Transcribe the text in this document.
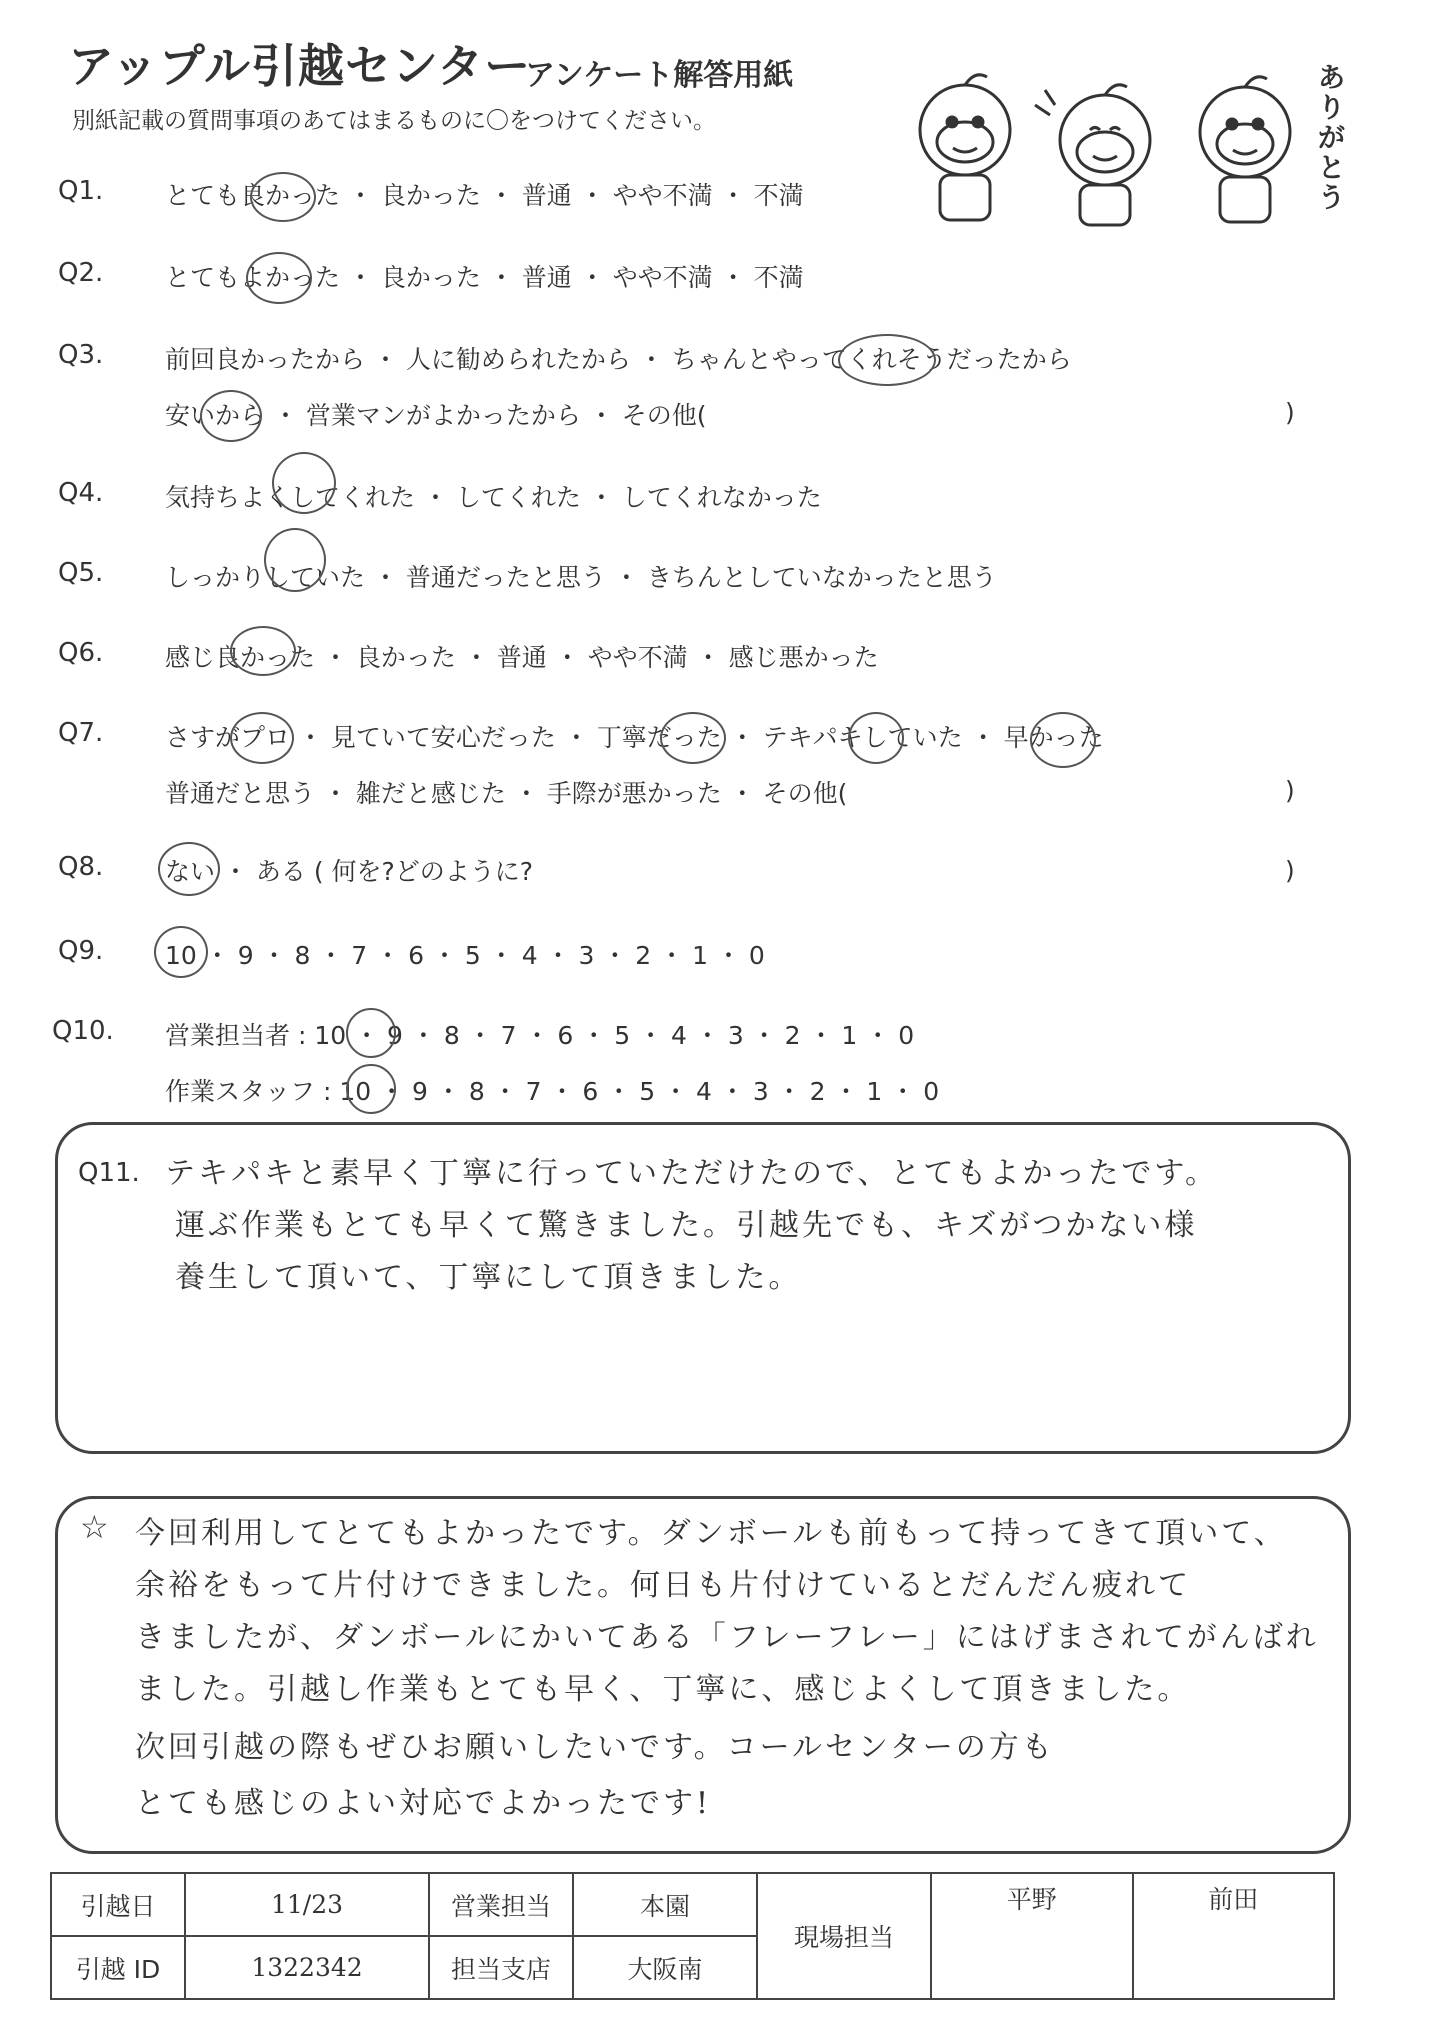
アップル引越センター
アンケート解答用紙
別紙記載の質問事項のあてはまるものに〇をつけてください。
ありがとう
Q1. とても良かった ・ 良かった ・ 普通 ・ やや不満 ・ 不満
Q2. とてもよかった ・ 良かった ・ 普通 ・ やや不満 ・ 不満
Q3. 前回良かったから ・ 人に勧められたから ・ ちゃんとやってくれそうだったから
安いから ・ 営業マンがよかったから ・ その他(	)
Q4. 気持ちよくしてくれた ・ してくれた ・ してくれなかった
Q5. しっかりしていた ・ 普通だったと思う ・ きちんとしていなかったと思う
Q6. 感じ良かった ・ 良かった ・ 普通 ・ やや不満 ・ 感じ悪かった
Q7. さすがプロ ・ 見ていて安心だった ・ 丁寧だった ・ テキパキしていた ・ 早かった
普通だと思う ・ 雑だと感じた ・ 手際が悪かった ・ その他(	)
Q8. ない ・ ある ( 何を?どのように?	)
Q9. 10 ・ 9 ・ 8 ・ 7 ・ 6 ・ 5 ・ 4 ・ 3 ・ 2 ・ 1 ・ 0
Q10. 営業担当者 : 10 ・ 9 ・ 8 ・ 7 ・ 6 ・ 5 ・ 4 ・ 3 ・ 2 ・ 1 ・ 0
作業スタッフ : 10 ・ 9 ・ 8 ・ 7 ・ 6 ・ 5 ・ 4 ・ 3 ・ 2 ・ 1 ・ 0
Q11. テキパキと素早く丁寧に行っていただけたので、とてもよかったです。
運ぶ作業もとても早くて驚きました。引越先でも、キズがつかない様
養生して頂いて、丁寧にして頂きました。
☆ 今回利用してとてもよかったです。ダンボールも前もって持ってきて頂いて、
余裕をもって片付けできました。何日も片付けているとだんだん疲れて
きましたが、ダンボールにかいてある「フレーフレー」にはげまされてがんばれ
ました。引越し作業もとても早く、丁寧に、感じよくして頂きました。
次回引越の際もぜひお願いしたいです。コールセンターの方も
とても感じのよい対応でよかったです!
引越日	11/23	営業担当	本園	現場担当	平野	前田
引越 ID	1322342	担当支店	大阪南			
